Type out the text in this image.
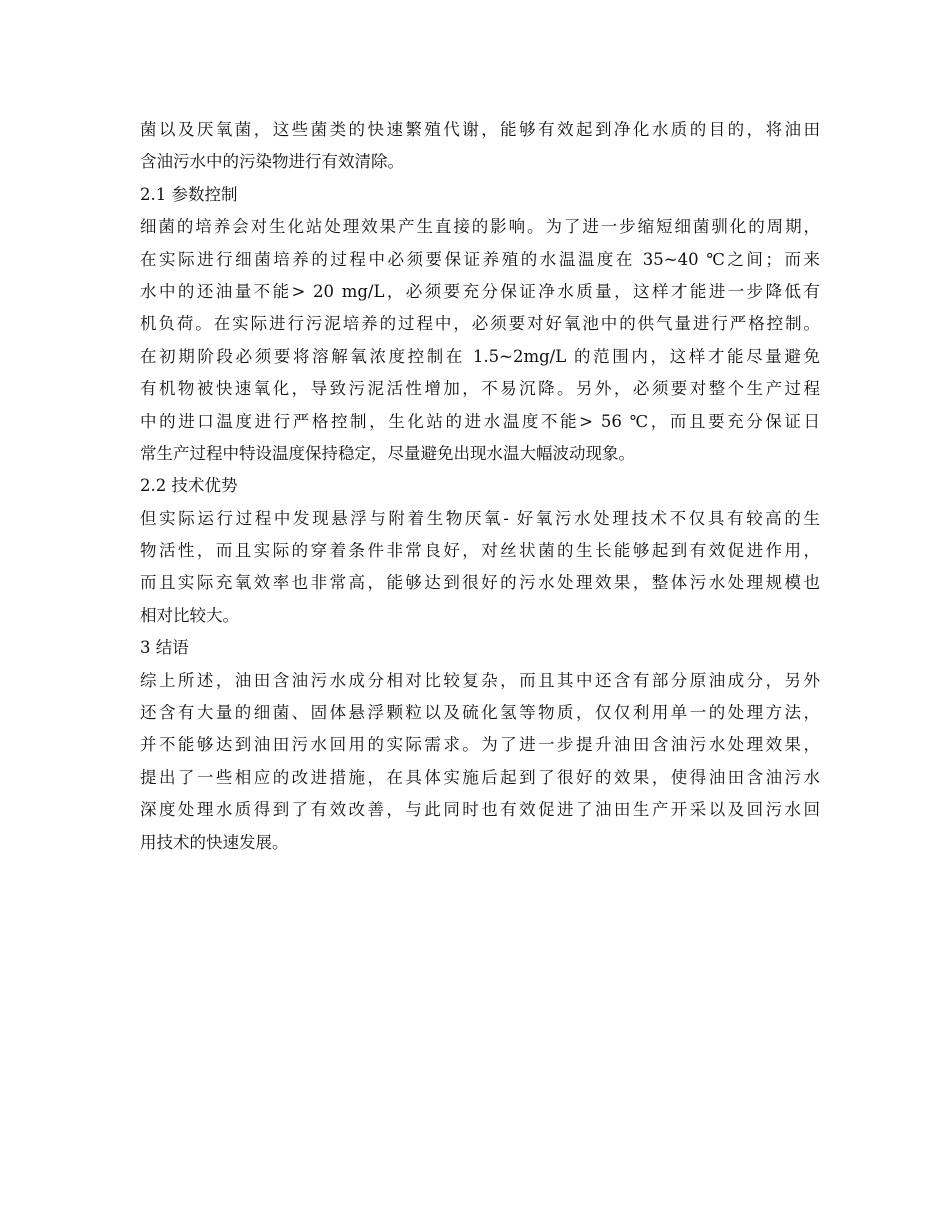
菌以及厌氧菌，这些菌类的快速繁殖代谢，能够有效起到净化水质的目的，将油田
含油污水中的污染物进行有效清除。
2.1 参数控制
细菌的培养会对生化站处理效果产生直接的影响。为了进一步缩短细菌驯化的周期，
在实际进行细菌培养的过程中必须要保证养殖的水温温度在 35~40 ℃之间；而来
水中的还油量不能> 20 mg/L，必须要充分保证净水质量，这样才能进一步降低有
机负荷。在实际进行污泥培养的过程中，必须要对好氧池中的供气量进行严格控制。
在初期阶段必须要将溶解氧浓度控制在 1.5~2mg/L 的范围内，这样才能尽量避免
有机物被快速氧化，导致污泥活性增加，不易沉降。另外，必须要对整个生产过程
中的进口温度进行严格控制，生化站的进水温度不能> 56 ℃，而且要充分保证日
常生产过程中特设温度保持稳定，尽量避免出现水温大幅波动现象。
2.2 技术优势
但实际运行过程中发现悬浮与附着生物厌氧- 好氧污水处理技术不仅具有较高的生
物活性，而且实际的穿着条件非常良好，对丝状菌的生长能够起到有效促进作用，
而且实际充氧效率也非常高，能够达到很好的污水处理效果，整体污水处理规模也
相对比较大。
3 结语
综上所述，油田含油污水成分相对比较复杂，而且其中还含有部分原油成分，另外
还含有大量的细菌、固体悬浮颗粒以及硫化氢等物质，仅仅利用单一的处理方法，
并不能够达到油田污水回用的实际需求。为了进一步提升油田含油污水处理效果，
提出了一些相应的改进措施，在具体实施后起到了很好的效果，使得油田含油污水
深度处理水质得到了有效改善，与此同时也有效促进了油田生产开采以及回污水回
用技术的快速发展。
